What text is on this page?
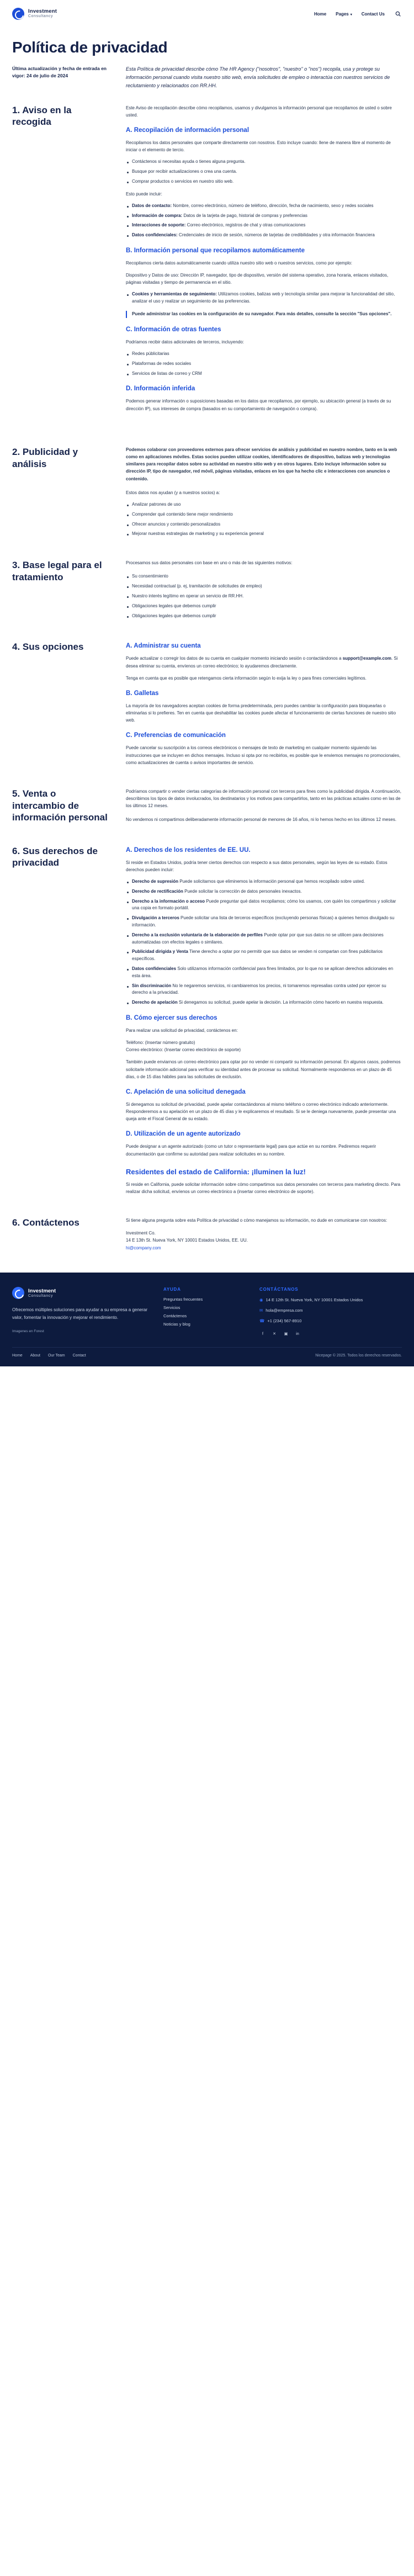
Investment
Consultancy
Home Pages ▾	Contact Us
Política de privacidad
Última actualización y fecha de entrada en vigor: 24 de julio de 2024
Esta Política de privacidad describe cómo The HR Agency ("nosotros", "nuestro" o "nos") recopila, usa y protege su información personal cuando visita nuestro sitio web, envía solicitudes de empleo o interactúa con nuestros servicios de reclutamiento y relacionados con RR.HH.
1. Aviso en la recogida

Este Aviso de recopilación describe cómo recopilamos, usamos y divulgamos la información personal que recopilamos de usted o sobre usted.

A. Recopilación de información personal

Recopilamos los datos personales que comparte directamente con nosotros. Esto incluye cuando: llene de manera libre al momento de iniciar o el elemento de tercio.

Contáctenos si necesitas ayuda o tienes alguna pregunta.
Busque por recibir actualizaciones o crea una cuenta.
Comprar productos o servicios en nuestro sitio web.

Esto puede incluir:

Datos de contacto: Nombre, correo electrónico, número de teléfono, dirección, fecha de nacimiento, sexo y redes sociales
Información de compra: Datos de la tarjeta de pago, historial de compras y preferencias
Interacciones de soporte: Correo electrónico, registros de chat y otras comunicaciones
Datos confidenciales: Credenciales de inicio de sesión, números de tarjetas de credibilidades y otra información financiera
B. Información personal que recopilamos automáticamente

Recopilamos cierta datos automáticamente cuando utiliza nuestro sitio web o nuestros servicios, como por ejemplo:

Dispositivo y Datos de uso: Dirección IP, navegador, tipo de dispositivo, versión del sistema operativo, zona horaria, enlaces visitados, páginas visitadas y tiempo de permanencia en el sitio.

Cookies y herramientas de seguimiento: Utilizamos cookies, balizas web y tecnología similar para mejorar la funcionalidad del sitio, analizar el uso y realizar un seguimiento de las preferencias.
Puede administrar las cookies en la configuración de su navegador. Para más detalles, consulte la sección "Sus opciones".
C. Información de otras fuentes

Podríamos recibir datos adicionales de terceros, incluyendo:

Redes públicitarias
Plataformas de redes sociales
Servicios de listas de correo y CRM
D. Información inferida

Podemos generar información o suposiciones basadas en los datos que recopilamos, por ejemplo, su ubicación general (a través de su dirección IP), sus intereses de compra (basados en su comportamiento de navegación o compra).

2. Publicidad y análisis

Podemos colaborar con proveedores externos para ofrecer servicios de análisis y publicidad en nuestro nombre, tanto en la web como en aplicaciones móviles. Estas socios pueden utilizar cookies, identificadores de dispositivo, balizas web y tecnologías similares para recopilar datos sobre su actividad en nuestro sitio web y en otros lugares. Esto incluye información sobre su dirección IP, tipo de navegador, red móvil, páginas visitadas, enlaces en los que ha hecho clic e interacciones con anuncios o contenido.

Estos datos nos ayudan (y a nuestros socios) a:

Analizar patrones de uso
Comprender qué contenido tiene mejor rendimiento
Ofrecer anuncios y contenido personalizados
Mejorar nuestras estrategias de marketing y su experiencia general
3. Base legal para el tratamiento

Procesamos sus datos personales con base en uno o más de las siguientes motivos:

Su consentimiento
Necesidad contractual (p. ej, tramitación de solicitudes de empleo)
Nuestro interés legítimo en operar un servicio de RR.HH.
Obligaciones legales que debemos cumplir
Obligaciones legales que debemos cumplir
4. Sus opciones	A. Administrar su cuenta

Puede actualizar o corregir los datos de su cuenta en cualquier momento iniciando sesión o contactándonos a support@example.com. Si desea eliminar su cuenta, envíenos un correo electrónico; lo ayudaremos directamente.

Tenga en cuenta que es posible que retengamos cierta información según lo exija la ley o para fines comerciales legítimos.

B. Galletas

La mayoría de los navegadores aceptan cookies de forma predeterminada, pero puedes cambiar la configuración para bloquearlas o eliminarlas si lo prefieres. Ten en cuenta que deshabilitar las cookies puede afectar el funcionamiento de ciertas funciones de nuestro sitio web.

C. Preferencias de comunicación

Puede cancelar su suscripción a los correos electrónicos o mensajes de texto de marketing en cualquier momento siguiendo las instrucciones que se incluyen en dichos mensajes. Incluso si opta por no recibirlos, es posible que le enviemos mensajes no promocionales, como actualizaciones de cuenta o avisos importantes de servicio.

5. Venta o intercambio de información personal

Podríamos compartir o vender ciertas categorías de información personal con terceros para fines como la publicidad dirigida. A continuación, describimos los tipos de datos involucrados, los destinatarios y los motivos para compartirlos, tanto en las prácticas actuales como en las de los últimos 12 meses.

No vendemos ni compartimos deliberadamente información personal de menores de 16 años, ni lo hemos hecho en los últimos 12 meses.

6. Sus derechos de privacidad
A. Derechos de los residentes de EE. UU.

Si reside en Estados Unidos, podría tener ciertos derechos con respecto a sus datos personales, según las leyes de su estado. Estos derechos pueden incluir:

Derecho de supresión Puede solicitarnos que eliminemos la información personal que hemos recopilado sobre usted.
Derecho de rectificación Puede solicitar la corrección de datos personales inexactos.
Derecho a la información o acceso Puede preguntar qué datos recopilamos; cómo los usamos, con quién los compartimos y solicitar una copia en formato portátil.
Divulgación a terceros Puede solicitar una lista de terceros específicos (excluyendo personas físicas) a quienes hemos divulgado su información.
Derecho a la exclusión voluntaria de la elaboración de perfiles Puede optar por que sus datos no se utilicen para decisiones automatizadas con efectos legales o similares.
Publicidad dirigida y Venta Tiene derecho a optar por no permitir que sus datos se venden ni compartan con fines publicitarios específicos.
Datos confidenciales Solo utilizamos información confidencial para fines limitados, por lo que no se aplican derechos adicionales en esta área.
Sin discriminación No le negaremos servicios, ni cambiaremos los precios, ni tomaremos represalias contra usted por ejercer su derecho a la privacidad.
Derecho de apelación Si denegamos su solicitud, puede apelar la decisión. La información cómo hacerlo en nuestra respuesta.
B. Cómo ejercer sus derechos

Para realizar una solicitud de privacidad, contáctenos en:

Teléfono: (Insertar número gratuito)
Correo electrónico: (Insertar correo electrónico de soporte)

También puede enviarnos un correo electrónico para optar por no vender ni compartir su información personal. En algunos casos, podremos solicitarle información adicional para verificar su identidad antes de procesar su solicitud. Normalmente respondemos en un plazo de 45 días, o de 15 días hábiles para las solicitudes de exclusión.

C. Apelación de una solicitud denegada

Si denegamos su solicitud de privacidad, puede apelar contactándonos al mismo teléfono o correo electrónico indicado anteriormente. Responderemos a su apelación en un plazo de 45 días y le explicaremos el resultado. Si se le deniega nuevamente, puede presentar una queja ante el Fiscal General de su estado.

D. Utilización de un agente autorizado

Puede designar a un agente autorizado (como un tutor o representante legal) para que actúe en su nombre. Pediremos requerir documentación que confirme su autoridad para realizar solicitudes en su nombre.

Residentes del estado de California: ¡Iluminen la luz!

Si reside en California, puede solicitar información sobre cómo compartimos sus datos personales con terceros para marketing directo. Para realizar dicha solicitud, envíenos un correo electrónico a (insertar correo electrónico de soporte).

6. Contáctenos	Si tiene alguna pregunta sobre esta Política de privacidad o cómo manejamos su información, no dude en comunicarse con nosotros:

Investment Co.
14 E 13th St. Nueva York, NY 10001 Estados Unidos, EE. UU.
hi@company.com
Investment
Consultancy
Ofrecemos múltiples soluciones para ayudar a su empresa a generar valor, fomentar la innovación y mejorar el rendimiento.
Imagenes en Forest
AYUDA
Preguntas frecuentes
Servicios
Contáctenos
Noticias y blog
CONTÁCTANOS
◉ 14 E 12th St. Nueva York, NY 10001 Estados Unidos
✉ hola@empresa.com
☎ +1 (234) 567-8910
f	✕	▣	in
Home About Our Team Contact	Nicepage © 2025. Todos los derechos reservados.
